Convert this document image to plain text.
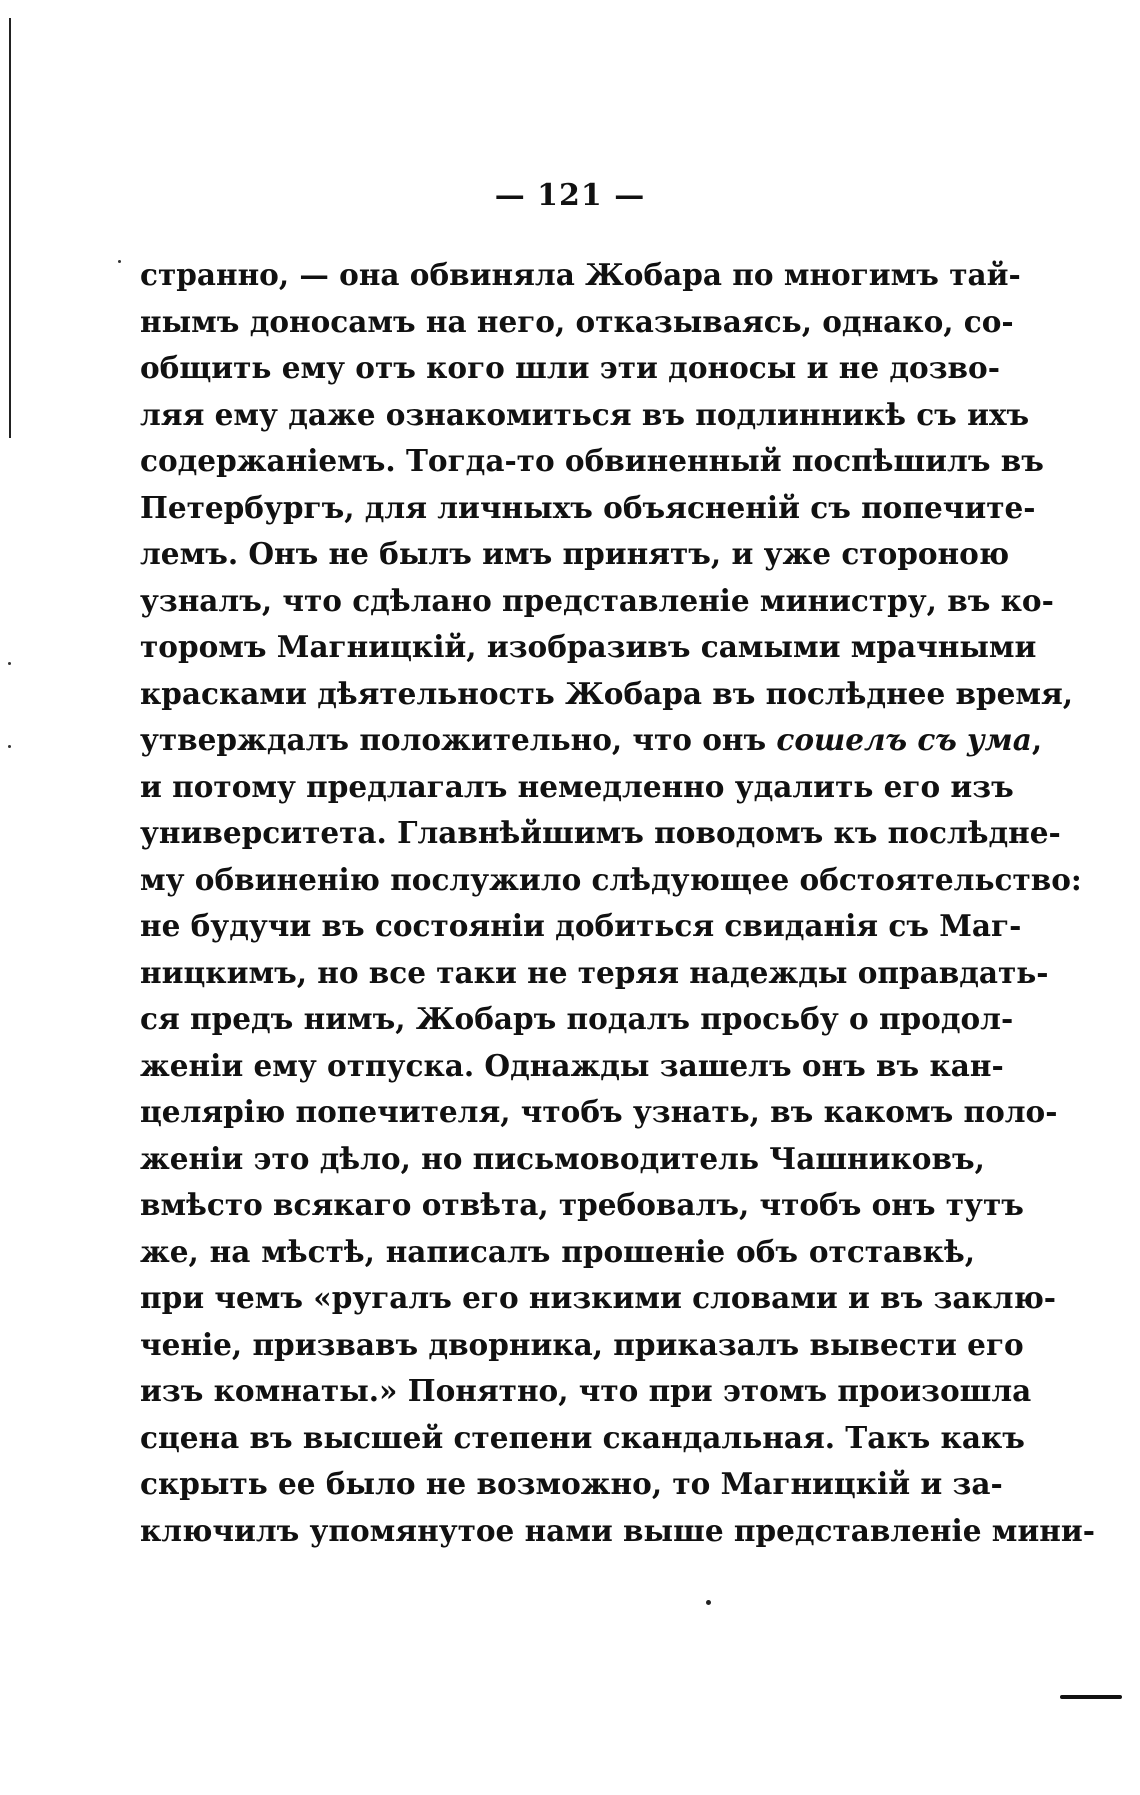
— 121 —
странно, — она обвиняла Жобара по многимъ тай-
нымъ доносамъ на него, отказываясь, однако, со-
общить ему отъ кого шли эти доносы и не дозво-
ляя ему даже ознакомиться въ подлинникѣ съ ихъ
содержаніемъ. Тогда-то обвиненный поспѣшилъ въ
Петербургъ, для личныхъ объясненій съ попечите-
лемъ. Онъ не былъ имъ принятъ, и уже стороною
узналъ, что сдѣлано представленіе министру, въ ко-
торомъ Магницкій, изобразивъ самыми мрачными
красками дѣятельность Жобара въ послѣднее время,
утверждалъ положительно, что онъ сошелъ съ ума,
и потому предлагалъ немедленно удалить его изъ
университета. Главнѣйшимъ поводомъ къ послѣдне-
му обвиненію послужило слѣдующее обстоятельство:
не будучи въ состояніи добиться свиданія съ Маг-
ницкимъ, но все таки не теряя надежды оправдать-
ся предъ нимъ, Жобаръ подалъ просьбу о продол-
женіи ему отпуска. Однажды зашелъ онъ въ кан-
целярію попечителя, чтобъ узнать, въ какомъ поло-
женіи это дѣло, но письмоводитель Чашниковъ,
вмѣсто всякаго отвѣта, требовалъ, чтобъ онъ тутъ
же, на мѣстѣ, написалъ прошеніе объ отставкѣ,
при чемъ «ругалъ его низкими словами и въ заклю-
ченіе, призвавъ дворника, приказалъ вывести его
изъ комнаты.» Понятно, что при этомъ произошла
сцена въ высшей степени скандальная. Такъ какъ
скрыть ее было не возможно, то Магницкій и за-
ключилъ упомянутое нами выше представленіе мини-
